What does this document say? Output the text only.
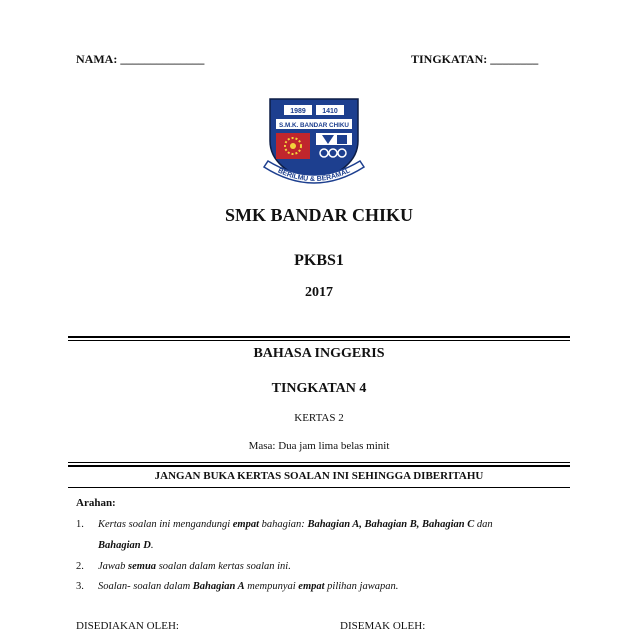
NAMA: ______________	TINGKATAN: ________
1989 1410
S.M.K. BANDAR CHIKU
BERILMU & BERAMAL
SMK BANDAR CHIKU
PKBS1
2017
BAHASA INGGERIS
TINGKATAN 4
KERTAS 2
Masa: Dua jam lima belas minit
JANGAN BUKA KERTAS SOALAN INI SEHINGGA DIBERITAHU
Arahan:
1. Kertas soalan ini mengandungi empat bahagian: Bahagian A, Bahagian B, Bahagian C dan
Bahagian D.
2. Jawab semua soalan dalam kertas soalan ini.
3. Soalan- soalan dalam Bahagian A mempunyai empat pilihan jawapan.
DISEDIAKAN OLEH:	DISEMAK OLEH:
